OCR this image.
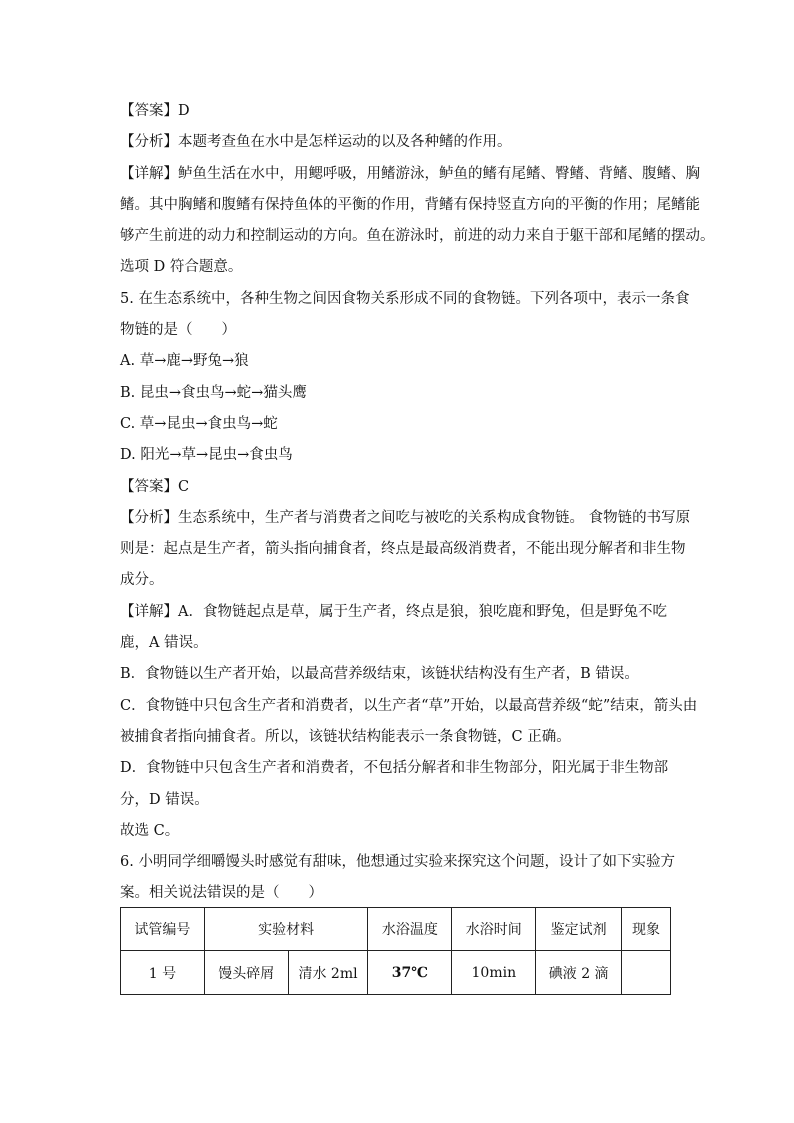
【答案】D
【分析】本题考查鱼在水中是怎样运动的以及各种鳍的作用。
【详解】鲈鱼生活在水中，用鳃呼吸，用鳍游泳，鲈鱼的鳍有尾鳍、臀鳍、背鳍、腹鳍、胸
鳍。其中胸鳍和腹鳍有保持鱼体的平衡的作用，背鳍有保持竖直方向的平衡的作用；尾鳍能
够产生前进的动力和控制运动的方向。鱼在游泳时，前进的动力来自于躯干部和尾鳍的摆动。
选项 D 符合题意。
5. 在生态系统中，各种生物之间因食物关系形成不同的食物链。下列各项中，表示一条食
物链的是（　　）
A. 草→鹿→野兔→狼
B. 昆虫→食虫鸟→蛇→猫头鹰
C. 草→昆虫→食虫鸟→蛇
D. 阳光→草→昆虫→食虫鸟
【答案】C
【分析】生态系统中，生产者与消费者之间吃与被吃的关系构成食物链。 食物链的书写原
则是：起点是生产者，箭头指向捕食者，终点是最高级消费者，不能出现分解者和非生物
成分。
【详解】A．食物链起点是草，属于生产者，终点是狼，狼吃鹿和野兔，但是野兔不吃
鹿，A 错误。
B．食物链以生产者开始，以最高营养级结束，该链状结构没有生产者，B 错误。
C．食物链中只包含生产者和消费者，以生产者“草”开始，以最高营养级“蛇”结束，箭头由
被捕食者指向捕食者。所以，该链状结构能表示一条食物链，C 正确。
D．食物链中只包含生产者和消费者，不包括分解者和非生物部分，阳光属于非生物部
分，D 错误。
故选 C。
6. 小明同学细嚼馒头时感觉有甜味，他想通过实验来探究这个问题，设计了如下实验方
案。相关说法错误的是（　　）
试管编号	实验材料		水浴温度	水浴时间	鉴定试剂	现象
1 号	馒头碎屑	清水 2ml	37℃	10min	碘液 2 滴	
